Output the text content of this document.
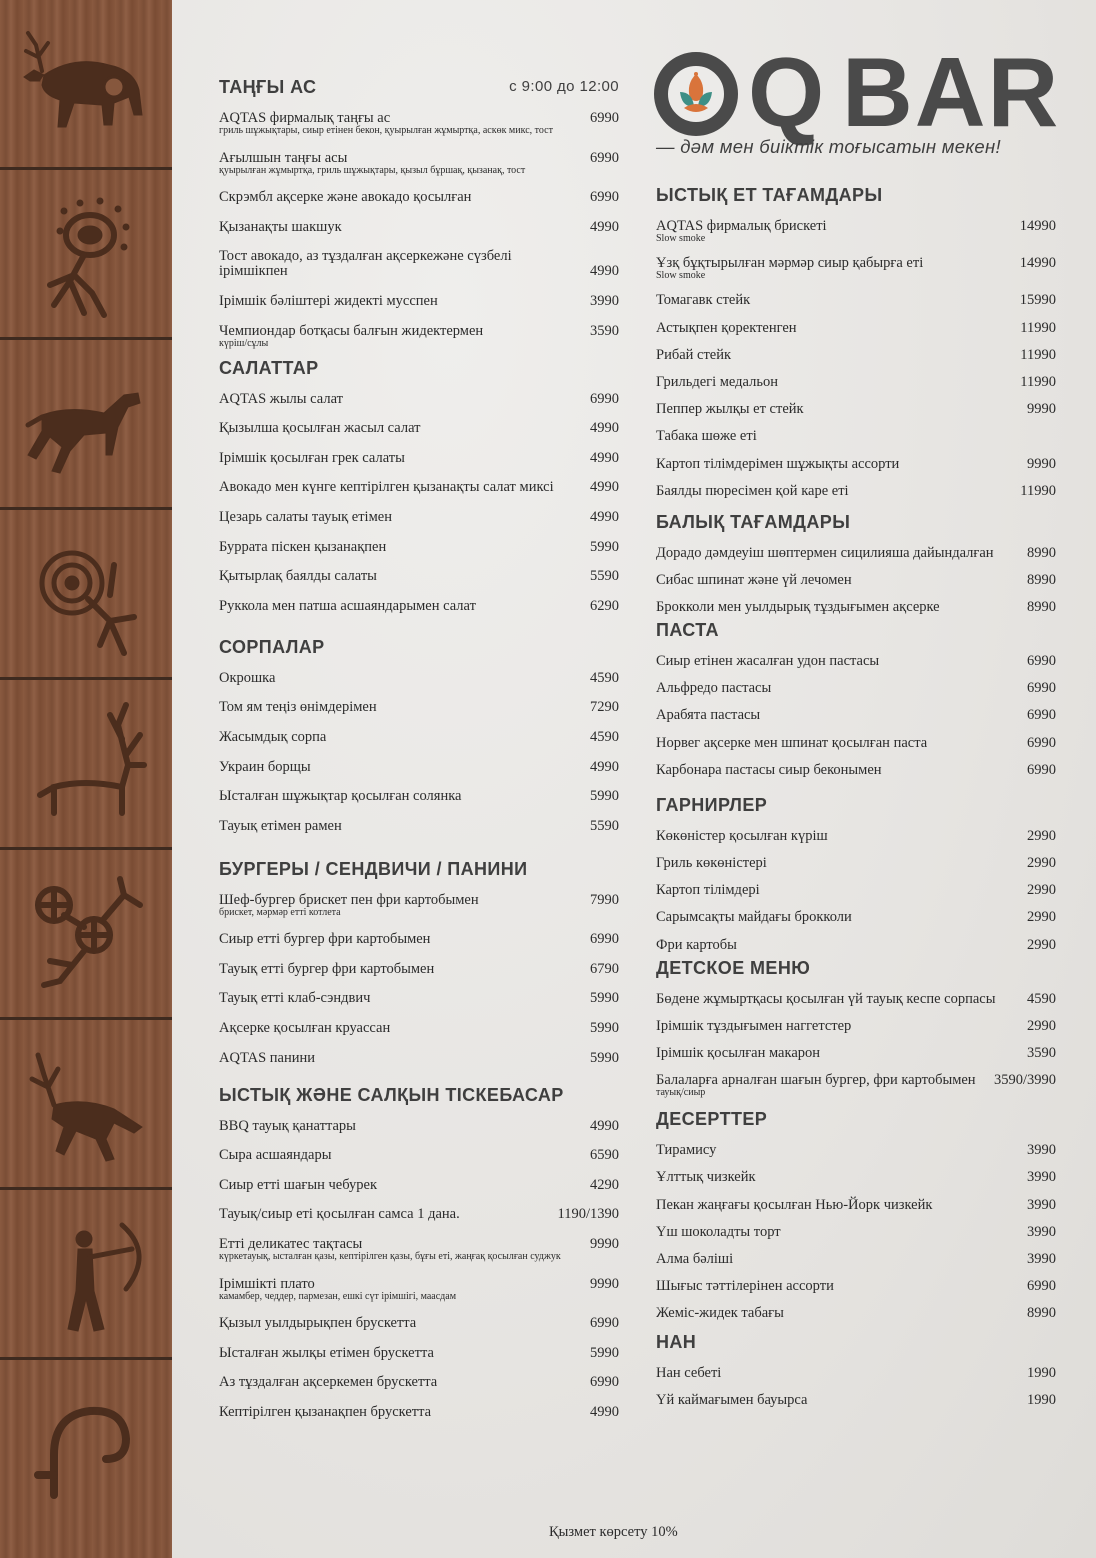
Q BAR
— дәм мен биіктік тоғысатын мекен!
ТАҢҒЫ АС	с 9:00 до 12:00
AQTAS фирмалық таңғы ас
гриль шұжықтары, сиыр етінен бекон, қуырылған жұмыртқа, аскөк микс, тост
6990
Ағылшын таңғы асы
қуырылған жұмыртқа, гриль шұжықтары, қызыл бұршақ, қызанақ, тост
6990
Скрэмбл ақсерке және авокадо қосылған	6990
Қызанақты шакшук	4990
Тост авокадо, аз тұздалған ақсеркежәне сүзбелі ірімшікпен	4990
Ірімшік бәліштері жидекті мусспен	3990
Чемпиондар ботқасы балғын жидектермен
күріш/сұлы
3590
САЛАТТАР
AQTAS жылы салат	6990
Қызылша қосылған жасыл салат	4990
Ірімшік қосылған грек салаты	4990
Авокадо мен күнге кептірілген қызанақты салат миксі	4990
Цезарь салаты тауық етімен	4990
Буррата піскен қызанақпен	5990
Қытырлақ баялды салаты	5590
Руккола мен патша асшаяндарымен салат	6290
СОРПАЛАР
Окрошка	4590
Том ям теңіз өнімдерімен	7290
Жасымдық сорпа	4590
Украин борщы	4990
Ысталған шұжықтар қосылған солянка	5990
Тауық етімен рамен	5590
БУРГЕРЫ / СЕНДВИЧИ / ПАНИНИ
Шеф-бургер брискет пен фри картобымен
брискет, мәрмәр етті котлета
7990
Сиыр етті бургер фри картобымен	6990
Тауық етті бургер фри картобымен	6790
Тауық етті клаб-сэндвич	5990
Ақсерке қосылған круассан	5990
AQTAS панини	5990
ЫСТЫҚ ЖӘНЕ САЛҚЫН ТІСКЕБАСАР
BBQ тауық қанаттары	4990
Сыра асшаяндары	6590
Сиыр етті шағын чебурек	4290
Тауық/сиыр еті қосылған самса 1 дана.	1190/1390
Етті деликатес тақтасы
күркетауық, ысталған қазы, кептірілген қазы, бұғы еті, жаңғақ қосылған суджук
9990
Ірімшікті плато
камамбер, чеддер, пармезан, ешкі сүт ірімшігі, маасдам
9990
Қызыл уылдырықпен брускетта	6990
Ысталған жылқы етімен брускетта	5990
Аз тұздалған ақсеркемен брускетта	6990
Кептірілген қызанақпен брускетта	4990
ЫСТЫҚ ЕТ ТАҒАМДАРЫ
AQTAS фирмалық брискеті
Slow smoke
14990
Ұзқ бұқтырылған мәрмәр сиыр қабырға еті
Slow smoke
14990
Томагавк стейк	15990
Астықпен қоректенген	11990
Рибай стейк	11990
Грильдегі медальон	11990
Пеппер жылқы ет стейк	9990
Табака шөже еті
Картоп тілімдерімен шұжықты ассорти	9990
Баялды пюресімен қой каре еті	11990
БАЛЫҚ ТАҒАМДАРЫ
Дорадо дәмдеуіш шөптермен сицилияша дайындалған 8990
Сибас шпинат және үй лечомен	8990
Брокколи мен уылдырық тұздығымен ақсерке	8990
ПАСТА
Сиыр етінен жасалған удон пастасы	6990
Альфредо пастасы	6990
Арабята пастасы	6990
Норвег ақсерке мен шпинат қосылған паста	6990
Карбонара пастасы сиыр беконымен	6990
ГАРНИРЛЕР
Көкөністер қосылған күріш	2990
Гриль көкөністері	2990
Картоп тілімдері	2990
Сарымсақты майдағы брокколи	2990
Фри картобы	2990
ДЕТСКОЕ МЕНЮ
Бөдене жұмыртқасы қосылған үй тауық кеспе сорпасы 4590
Ірімшік тұздығымен наггетстер	2990
Ірімшік қосылған макарон	3590
Балаларға арналған шағын бургер, фри картобымен
тауық/сиыр
3590/3990
ДЕСЕРТТЕР
Тирамису	3990
Ұлттық чизкейк	3990
Пекан жаңғағы қосылған Нью-Йорк чизкейк	3990
Үш шоколадты торт	3990
Алма бәліші	3990
Шығыс тәттілерінен ассорти	6990
Жеміс-жидек табағы	8990
НАН
Нан себеті	1990
Үй каймағымен бауырса	1990
Қызмет көрсету 10%
